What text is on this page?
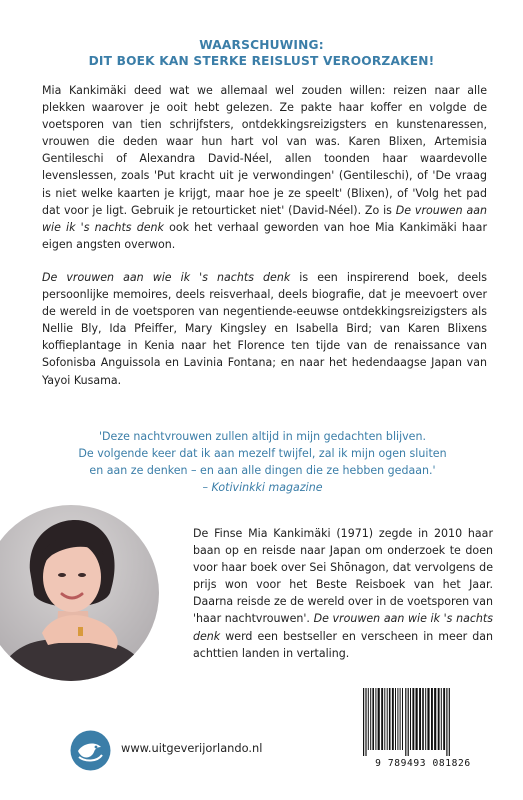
WAARSCHUWING:
DIT BOEK KAN STERKE REISLUST VEROORZAKEN!

Mia Kankimäki deed wat we allemaal wel zouden willen: reizen naar alle plekken waarover je ooit hebt gelezen. Ze pakte haar koffer en volgde de voetsporen van tien schrijfsters, ontdekkingsreizigsters en kunstenaressen, vrouwen die deden waar hun hart vol van was. Karen Blixen, Artemisia Gentileschi of Alexandra David-Néel, allen toonden haar waardevolle levenslessen, zoals 'Put kracht uit je verwondingen' (Gentileschi), of 'De vraag is niet welke kaarten je krijgt, maar hoe je ze speelt' (Blixen), of 'Volg het pad dat voor je ligt. Gebruik je retourticket niet' (David-Néel). Zo is De vrouwen aan wie ik 's nachts denk ook het verhaal geworden van hoe Mia Kankimäki haar eigen angsten overwon.

De vrouwen aan wie ik 's nachts denk is een inspirerend boek, deels persoonlijke memoires, deels reisverhaal, deels biografie, dat je meevoert over de wereld in de voetsporen van negentiende-eeuwse ontdekkingsreizigsters als Nellie Bly, Ida Pfeiffer, Mary Kingsley en Isabella Bird; van Karen Blixens koffieplantage in Kenia naar het Florence ten tijde van de renaissance van Sofonisba Anguissola en Lavinia Fontana; en naar het hedendaagse Japan van Yayoi Kusama.

'Deze nachtvrouwen zullen altijd in mijn gedachten blijven.
De volgende keer dat ik aan mezelf twijfel, zal ik mijn ogen sluiten
en aan ze denken – en aan alle dingen die ze hebben gedaan.'
– Kotivinkki magazine
De Finse Mia Kankimäki (1971) zegde in 2010 haar baan op en reisde naar Japan om onderzoek te doen voor haar boek over Sei Shōnagon, dat vervolgens de prijs won voor het Beste Reisboek van het Jaar. Daarna reisde ze de wereld over in de voetsporen van 'haar nachtvrouwen'. De vrouwen aan wie ik 's nachts denk werd een bestseller en verscheen in meer dan achttien landen in vertaling.
www.uitgeverijorlando.nl
9 789493 081826
